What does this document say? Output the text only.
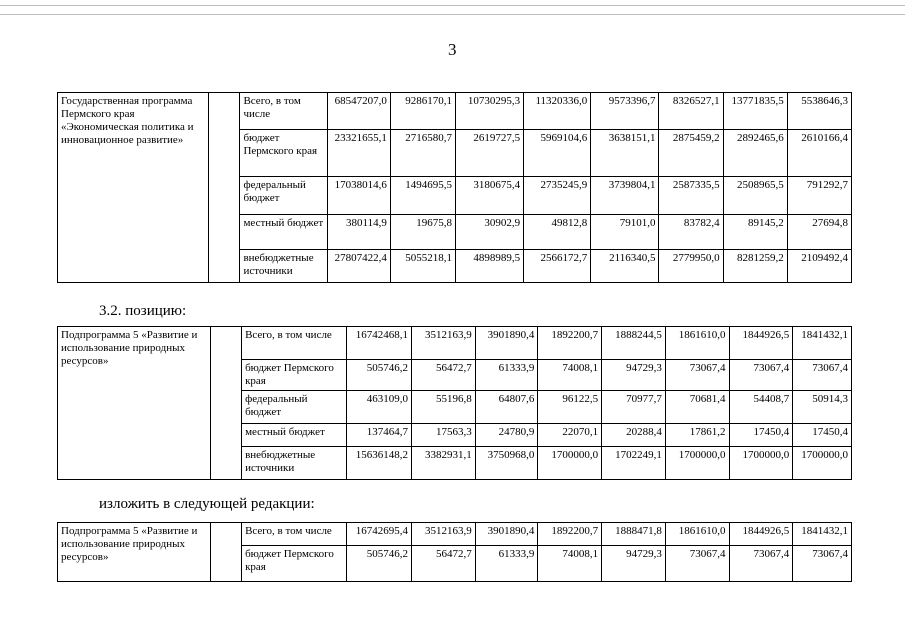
3
Государственная программа Пермского края «Экономическая политика и инновационное развитие»		Всего, в том числе	68547207,0	9286170,1	10730295,3	11320336,0	9573396,7	8326527,1	13771835,5	5538646,3
		бюджет Пермского края	23321655,1	2716580,7	2619727,5	5969104,6	3638151,1	2875459,2	2892465,6	2610166,4
		федеральный бюджет	17038014,6	1494695,5	3180675,4	2735245,9	3739804,1	2587335,5	2508965,5	791292,7
		местный бюджет	380114,9	19675,8	30902,9	49812,8	79101,0	83782,4	89145,2	27694,8
		внебюджетные источники	27807422,4	5055218,1	4898989,5	2566172,7	2116340,5	2779950,0	8281259,2	2109492,4
3.2. позицию:
Подпрограмма 5 «Развитие и использование природных ресурсов»		Всего, в том числе	16742468,1	3512163,9	3901890,4	1892200,7	1888244,5	1861610,0	1844926,5	1841432,1
		бюджет Пермского края	505746,2	56472,7	61333,9	74008,1	94729,3	73067,4	73067,4	73067,4
		федеральный бюджет	463109,0	55196,8	64807,6	96122,5	70977,7	70681,4	54408,7	50914,3
		местный бюджет	137464,7	17563,3	24780,9	22070,1	20288,4	17861,2	17450,4	17450,4
		внебюджетные источники	15636148,2	3382931,1	3750968,0	1700000,0	1702249,1	1700000,0	1700000,0	1700000,0
изложить в следующей редакции:
Подпрограмма 5 «Развитие и использование природных ресурсов»		Всего, в том числе	16742695,4	3512163,9	3901890,4	1892200,7	1888471,8	1861610,0	1844926,5	1841432,1
		бюджет Пермского края	505746,2	56472,7	61333,9	74008,1	94729,3	73067,4	73067,4	73067,4
